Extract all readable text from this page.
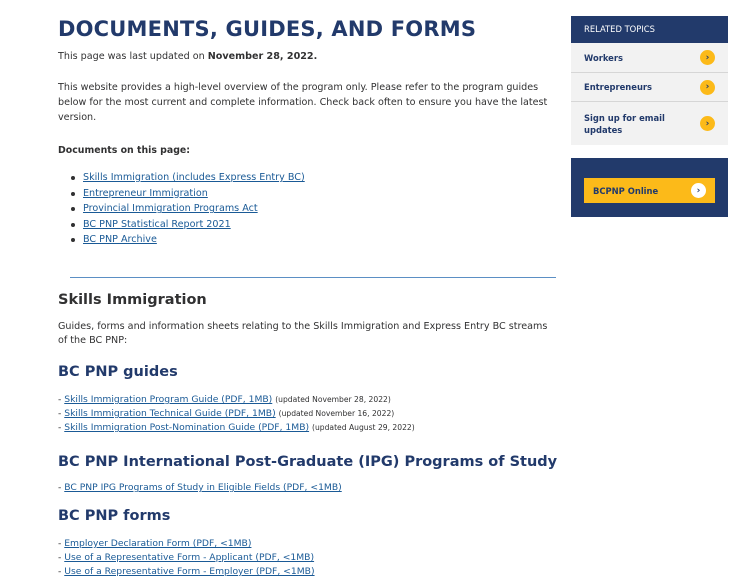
DOCUMENTS, GUIDES, AND FORMS

This page was last updated on November 28, 2022.

This website provides a high-level overview of the program only. Please refer to the program guides below for the most current and complete information. Check back often to ensure you have the latest version.

Documents on this page:

Skills Immigration (includes Express Entry BC)
Entrepreneur Immigration
Provincial Immigration Programs Act
BC PNP Statistical Report 2021
BC PNP Archive
Skills Immigration

Guides, forms and information sheets relating to the Skills Immigration and Express Entry BC streams of the BC PNP:

BC PNP guides
- Skills Immigration Program Guide (PDF, 1MB) (updated November 28, 2022)
- Skills Immigration Technical Guide (PDF, 1MB) (updated November 16, 2022)
- Skills Immigration Post-Nomination Guide (PDF, 1MB) (updated August 29, 2022)
BC PNP International Post-Graduate (IPG) Programs of Study
- BC PNP IPG Programs of Study in Eligible Fields (PDF, <1MB)
BC PNP forms
- Employer Declaration Form (PDF, <1MB)
- Use of a Representative Form - Applicant (PDF, <1MB)
- Use of a Representative Form - Employer (PDF, <1MB)
RELATED TOPICS
Workers	›
Entrepreneurs	›
Sign up for email updates
›
BCPNP Online	›
